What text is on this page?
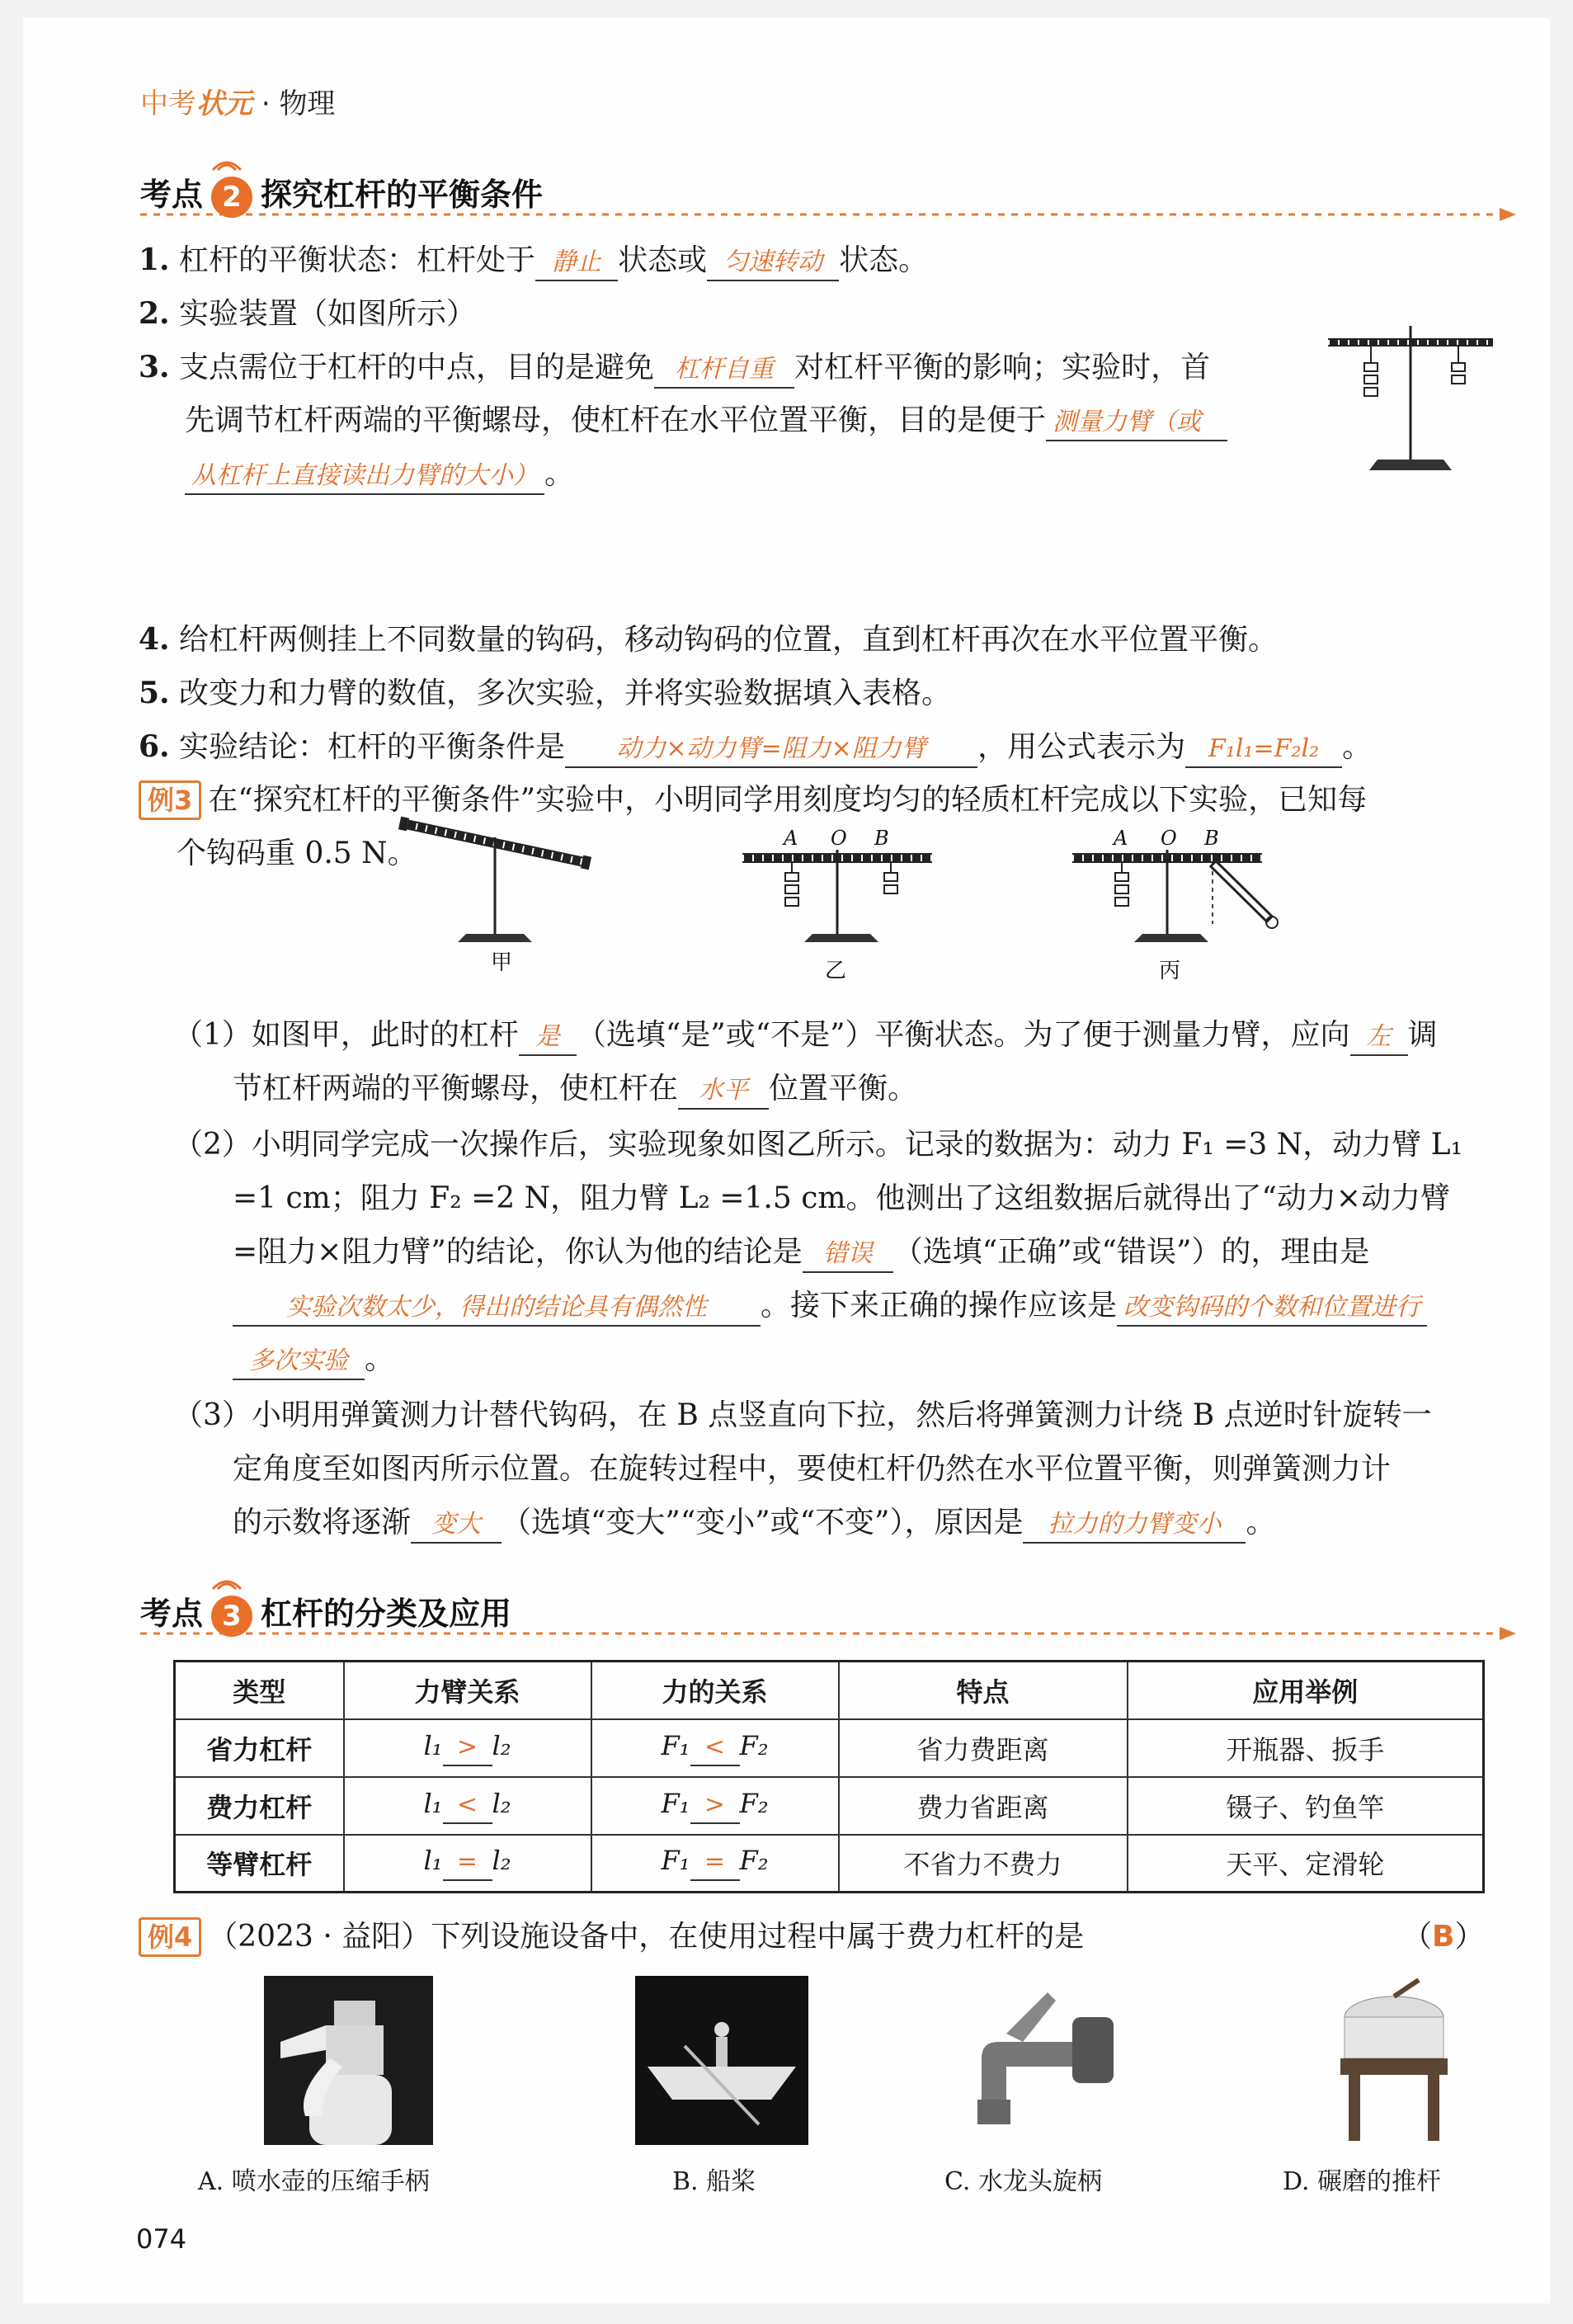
中考状元 · 物理
考点 2 探究杠杆的平衡条件
1. 杠杆的平衡状态：杠杆处于 静止 状态或 匀速转动 状态。
2. 实验装置（如图所示）
3. 支点需位于杠杆的中点，目的是避免 杠杆自重 对杠杆平衡的影响；实验时，首
先调节杠杆两端的平衡螺母，使杠杆在水平位置平衡，目的是便于 测量力臂（或
从杠杆上直接读出力臂的大小） 。
4. 给杠杆两侧挂上不同数量的钩码，移动钩码的位置，直到杠杆再次在水平位置平衡。
5. 改变力和力臂的数值，多次实验，并将实验数据填入表格。
6. 实验结论：杠杆的平衡条件是 动力×动力臂=阻力×阻力臂 ，用公式表示为 F₁l₁=F₂l₂ 。
例3 在“探究杠杆的平衡条件”实验中，小明同学用刻度均匀的轻质杠杆完成以下实验，已知每
个钩码重 0.5 N。
甲
A O B
乙
A O B
丙
（1）如图甲，此时的杠杆 是 （选填“是”或“不是”）平衡状态。为了便于测量力臂，应向 左 调
节杠杆两端的平衡螺母，使杠杆在 水平 位置平衡。
（2）小明同学完成一次操作后，实验现象如图乙所示。记录的数据为：动力 F₁ =3 N，动力臂 L₁
=1 cm；阻力 F₂ =2 N，阻力臂 L₂ =1.5 cm。他测出了这组数据后就得出了“动力×动力臂
=阻力×阻力臂”的结论，你认为他的结论是 错误 （选填“正确”或“错误”）的，理由是
实验次数太少，得出的结论具有偶然性 。接下来正确的操作应该是 改变钩码的个数和位置进行
多次实验 。
（3）小明用弹簧测力计替代钩码，在 B 点竖直向下拉，然后将弹簧测力计绕 B 点逆时针旋转一
定角度至如图丙所示位置。在旋转过程中，要使杠杆仍然在水平位置平衡，则弹簧测力计
的示数将逐渐 变大 （选填“变大”“变小”或“不变”），原因是 拉力的力臂变小 。
考点 3 杠杆的分类及应用
类型	力臂关系	力的关系	特点	应用举例
省力杠杆	l₁ > l₂	F₁ < F₂	省力费距离	开瓶器、扳手
费力杠杆	l₁ < l₂	F₁ > F₂	费力省距离	镊子、钓鱼竿
等臂杠杆	l₁ = l₂	F₁ = F₂	不省力不费力	天平、定滑轮
例4 （2023 · 益阳）下列设施设备中，在使用过程中属于费力杠杆的是	（B）
A. 喷水壶的压缩手柄	B. 船桨	C. 水龙头旋柄	D. 碾磨的推杆
074
